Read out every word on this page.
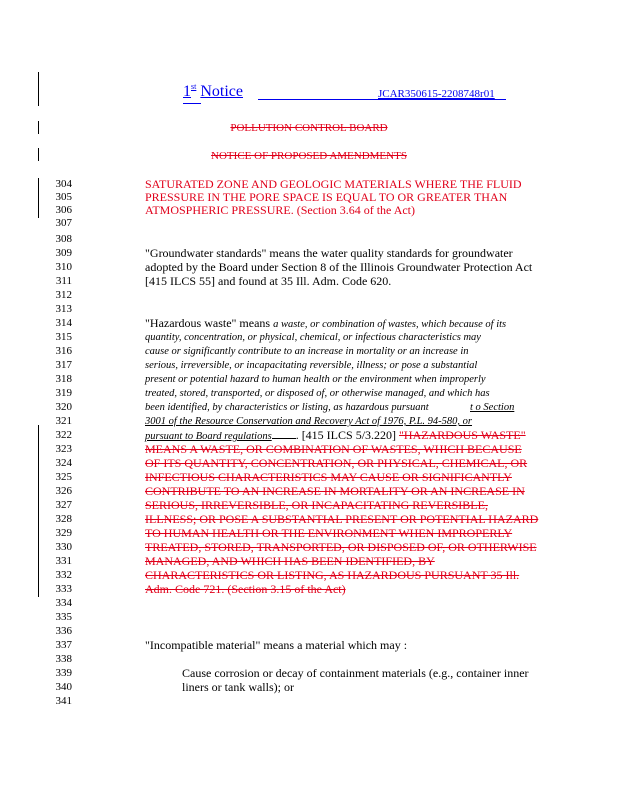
1st Notice	JCAR350615-2208748r01
POLLUTION CONTROL BOARD
NOTICE OF PROPOSED AMENDMENTS
304
305
306
307
308
309
310
311
312
313
314
315
316
317
318
319
320
321
322
323
324
325
326
327
328
329
330
331
332
333
334
335
336
337
338
339
340
341
SATURATED ZONE AND GEOLOGIC MATERIALS WHERE THE FLUID
PRESSURE IN THE PORE SPACE IS EQUAL TO OR GREATER THAN
ATMOSPHERIC PRESSURE. (Section 3.64 of the Act)
"Groundwater standards" means the water quality standards for groundwater
adopted by the Board under Section 8 of the Illinois Groundwater Protection Act
[415 ILCS 55] and found at 35 Ill. Adm. Code 620.
"Hazardous waste" means a waste, or combination of wastes, which because of its
quantity, concentration, or physical, chemical, or infectious characteristics may
cause or significantly contribute to an increase in mortality or an increase in
serious, irreversible, or incapacitating reversible, illness; or pose a substantial
present or potential hazard to human health or the environment when improperly
treated, stored, transported, or disposed of, or otherwise managed, and which has
been identified, by characteristics or listing, as hazardous pursuant	t o Section
3001 of the Resource Conservation and Recovery Act of 1976, P.L. 94-580, or
pursuant to Board regulations . [415 ILCS 5/3.220] "HAZARDOUS WASTE"
MEANS A WASTE, OR COMBINATION OF WASTES, WHICH BECAUSE
OF ITS QUANTITY, CONCENTRATION, OR PHYSICAL, CHEMICAL, OR
INFECTIOUS CHARACTERISTICS MAY CAUSE OR SIGNIFICANTLY
CONTRIBUTE TO AN INCREASE IN MORTALITY OR AN INCREASE IN
SERIOUS, IRREVERSIBLE, OR INCAPACITATING REVERSIBLE,
ILLNESS; OR POSE A SUBSTANTIAL PRESENT OR POTENTIAL HAZARD
TO HUMAN HEALTH OR THE ENVIRONMENT WHEN IMPROPERLY
TREATED, STORED, TRANSPORTED, OR DISPOSED OF, OR OTHERWISE
MANAGED, AND WHICH HAS BEEN IDENTIFIED, BY
CHARACTERISTICS OR LISTING, AS HAZARDOUS PURSUANT 35 Ill.
Adm. Code 721. (Section 3.15 of the Act)
"Incompatible material" means a material which may :
Cause corrosion or decay of containment materials (e.g., container inner
liners or tank walls); or
